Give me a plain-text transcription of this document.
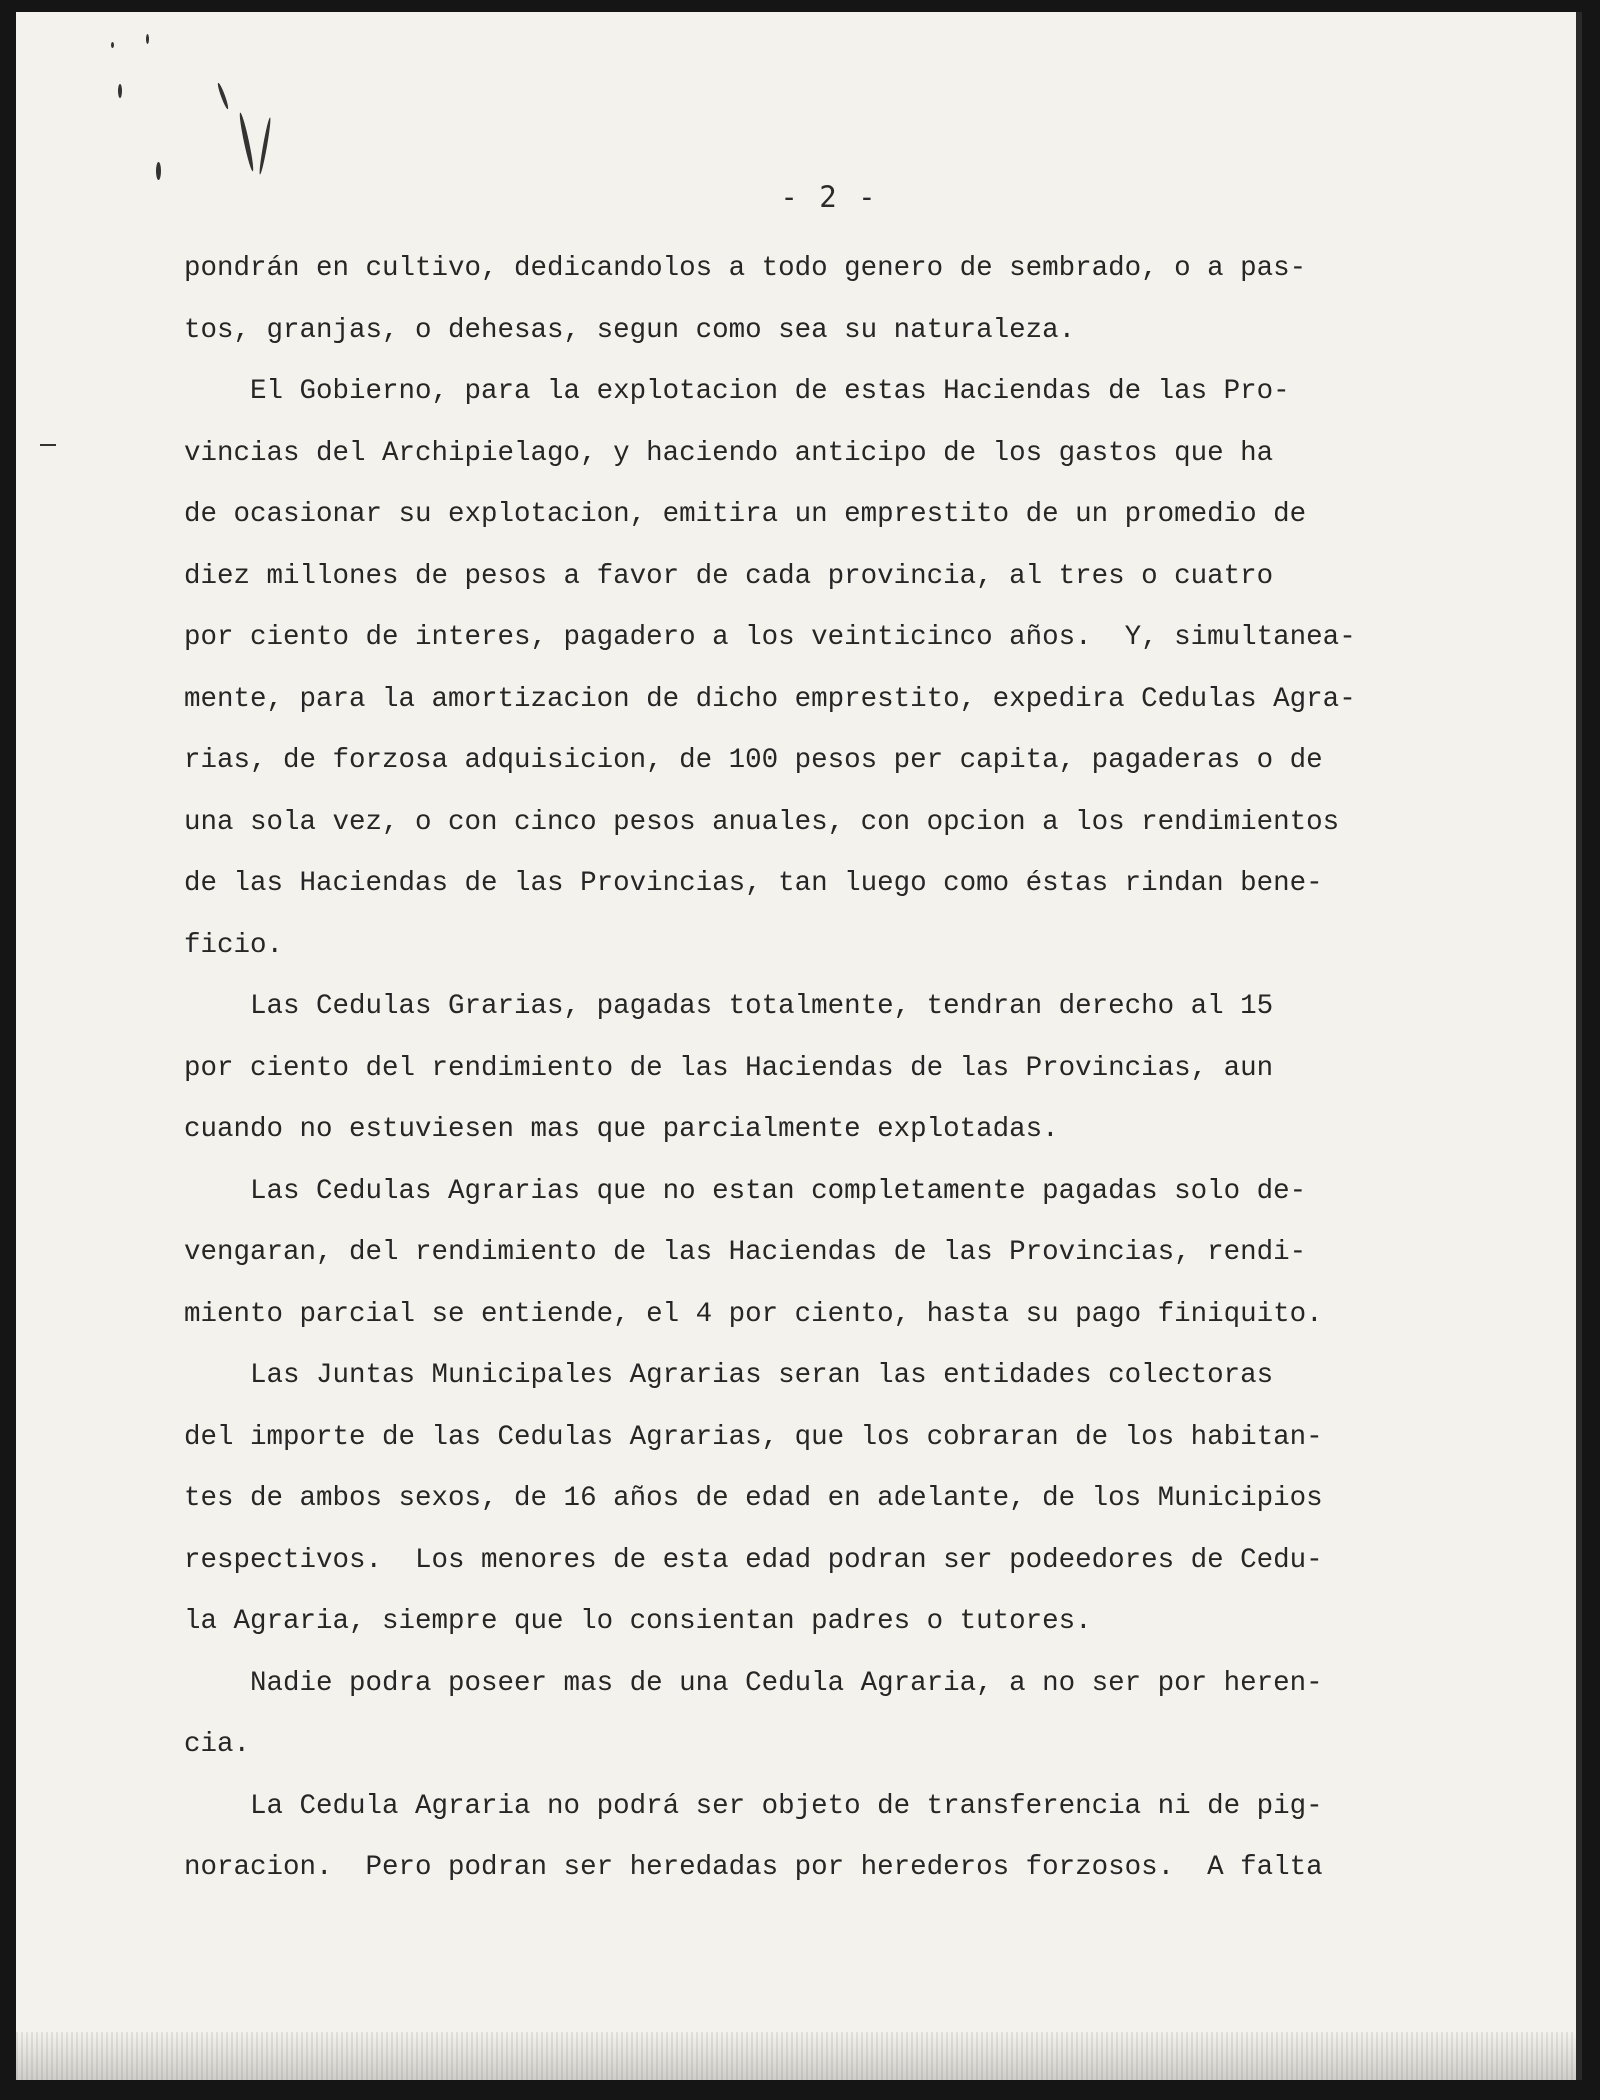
- 2 -
pondrán en cultivo, dedicandolos a todo genero de sembrado, o a pas-
tos, granjas, o dehesas, segun como sea su naturaleza.
El Gobierno, para la explotacion de estas Haciendas de las Pro-
vincias del Archipielago, y haciendo anticipo de los gastos que ha
de ocasionar su explotacion, emitira un emprestito de un promedio de
diez millones de pesos a favor de cada provincia, al tres o cuatro
por ciento de interes, pagadero a los veinticinco años.  Y, simultanea-
mente, para la amortizacion de dicho emprestito, expedira Cedulas Agra-
rias, de forzosa adquisicion, de 100 pesos per capita, pagaderas o de
una sola vez, o con cinco pesos anuales, con opcion a los rendimientos
de las Haciendas de las Provincias, tan luego como éstas rindan bene-
ficio.
Las Cedulas Grarias, pagadas totalmente, tendran derecho al 15
por ciento del rendimiento de las Haciendas de las Provincias, aun
cuando no estuviesen mas que parcialmente explotadas.
Las Cedulas Agrarias que no estan completamente pagadas solo de-
vengaran, del rendimiento de las Haciendas de las Provincias, rendi-
miento parcial se entiende, el 4 por ciento, hasta su pago finiquito.
Las Juntas Municipales Agrarias seran las entidades colectoras
del importe de las Cedulas Agrarias, que los cobraran de los habitan-
tes de ambos sexos, de 16 años de edad en adelante, de los Municipios
respectivos.  Los menores de esta edad podran ser podeedores de Cedu-
la Agraria, siempre que lo consientan padres o tutores.
Nadie podra poseer mas de una Cedula Agraria, a no ser por heren-
cia.
La Cedula Agraria no podrá ser objeto de transferencia ni de pig-
noracion.  Pero podran ser heredadas por herederos forzosos.  A falta
